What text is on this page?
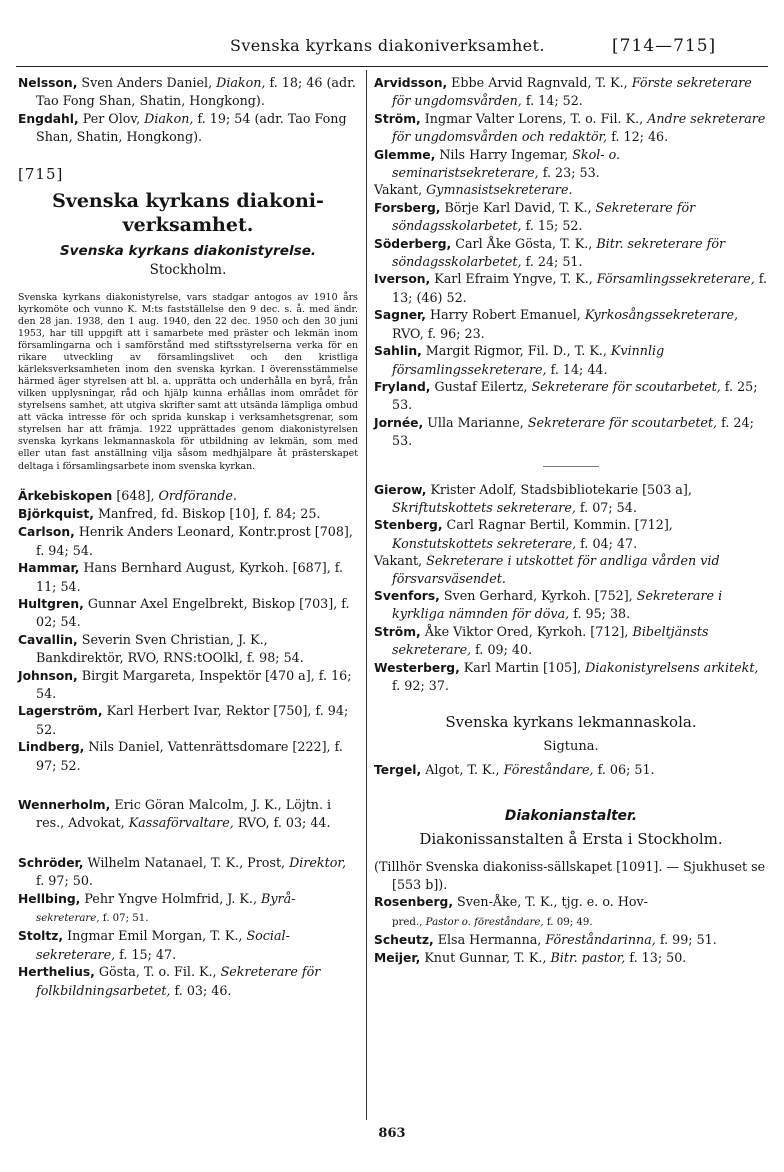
Svenska kyrkans diakoniverksamhet.	[714—715]
Nelsson, Sven Anders Daniel, Diakon, f. 18; 46 (adr. Tao Fong Shan, Shatin, Hongkong).
Engdahl, Per Olov, Diakon, f. 19; 54 (adr. Tao Fong Shan, Shatin, Hongkong).
[715]
Svenska kyrkans diakoni- verksamhet.
Svenska kyrkans diakonistyrelse.
Stockholm.
Svenska kyrkans diakonistyrelse, vars stadgar antogos av 1910 års kyrkomöte och vunno K. M:ts fastställelse den 9 dec. s. å. med ändr. den 28 jan. 1938, den 1 aug. 1940, den 22 dec. 1950 och den 30 juni 1953, har till uppgift att i samarbete med präster och lekmän inom församlingarna och i samförstånd med stiftsstyrelserna verka för en rikare utveckling av församlingslivet och den kristliga kärleksverksamheten inom den svenska kyrkan. I överensstämmelse härmed äger styrelsen att bl. a. upprätta och underhålla en byrå, från vilken upplysningar, råd och hjälp kunna erhållas inom området för styrelsens samhet, att utgiva skrifter samt att utsända lämpliga ombud att väcka intresse för och sprida kunskap i verksamhetsgrenar, som styrelsen har att främja. 1922 upprättades genom diakonistyrelsen svenska kyrkans lekmannaskola för utbildning av lekmän, som med eller utan fast anställning vilja såsom medhjälpare åt prästerskapet deltaga i församlingsarbete inom svenska kyrkan.
Ärkebiskopen [648], Ordförande.
Björkquist, Manfred, fd. Biskop [10], f. 84; 25.
Carlson, Henrik Anders Leonard, Kontr.prost [708], f. 94; 54.
Hammar, Hans Bernhard August, Kyrkoh. [687], f. 11; 54.
Hultgren, Gunnar Axel Engelbrekt, Biskop [703], f. 02; 54.
Cavallin, Severin Sven Christian, J. K., Bankdirektör, RVO, RNS:tOOlkl, f. 98; 54.
Johnson, Birgit Margareta, Inspektör [470 a], f. 16; 54.
Lagerström, Karl Herbert Ivar, Rektor [750], f. 94; 52.
Lindberg, Nils Daniel, Vattenrättsdomare [222], f. 97; 52.
Wennerholm, Eric Göran Malcolm, J. K., Löjtn. i res., Advokat, Kassaförvaltare, RVO, f. 03; 44.
Schröder, Wilhelm Natanael, T. K., Prost, Direktor, f. 97; 50.
Hellbing, Pehr Yngve Holmfrid, J. K., Byrå-
sekreterare, f. 07; 51.
Stoltz, Ingmar Emil Morgan, T. K., Social-sekreterare, f. 15; 47.
Herthelius, Gösta, T. o. Fil. K., Sekreterare för folkbildningsarbetet, f. 03; 46.
Arvidsson, Ebbe Arvid Ragnvald, T. K., Förste sekreterare för ungdomsvården, f. 14; 52.
Ström, Ingmar Valter Lorens, T. o. Fil. K., Andre sekreterare för ungdomsvården och redaktör, f. 12; 46.
Glemme, Nils Harry Ingemar, Skol- o. seminaristsekreterare, f. 23; 53.
Vakant, Gymnasistsekreterare.
Forsberg, Börje Karl David, T. K., Sekreterare för söndagsskolarbetet, f. 15; 52.
Söderberg, Carl Åke Gösta, T. K., Bitr. sekreterare för söndagsskolarbetet, f. 24; 51.
Iverson, Karl Efraim Yngve, T. K., Församlingssekreterare, f. 13; (46) 52.
Sagner, Harry Robert Emanuel, Kyrkosångssekreterare, RVO, f. 96; 23.
Sahlin, Margit Rigmor, Fil. D., T. K., Kvinnlig församlingssekreterare, f. 14; 44.
Fryland, Gustaf Eilertz, Sekreterare för scoutarbetet, f. 25; 53.
Jornée, Ulla Marianne, Sekreterare för scoutarbetet, f. 24; 53.
Gierow, Krister Adolf, Stadsbibliotekarie [503 a], Skriftutskottets sekreterare, f. 07; 54.
Stenberg, Carl Ragnar Bertil, Kommin. [712], Konstutskottets sekreterare, f. 04; 47.
Vakant, Sekreterare i utskottet för andliga vården vid försvarsväsendet.
Svenfors, Sven Gerhard, Kyrkoh. [752], Sekreterare i kyrkliga nämnden för döva, f. 95; 38.
Ström, Åke Viktor Ored, Kyrkoh. [712], Bibeltjänsts sekreterare, f. 09; 40.
Westerberg, Karl Martin [105], Diakonistyrelsens arkitekt, f. 92; 37.
Svenska kyrkans lekmannaskola.
Sigtuna.
Tergel, Algot, T. K., Föreståndare, f. 06; 51.
Diakonianstalter.
Diakonissanstalten å Ersta i Stockholm.
(Tillhör Svenska diakoniss-sällskapet [1091]. — Sjukhuset se [553 b]).
Rosenberg, Sven-Åke, T. K., tjg. e. o. Hov-
pred., Pastor o. föreståndare, f. 09; 49.
Scheutz, Elsa Hermanna, Föreståndarinna, f. 99; 51.
Meijer, Knut Gunnar, T. K., Bitr. pastor, f. 13; 50.
863
